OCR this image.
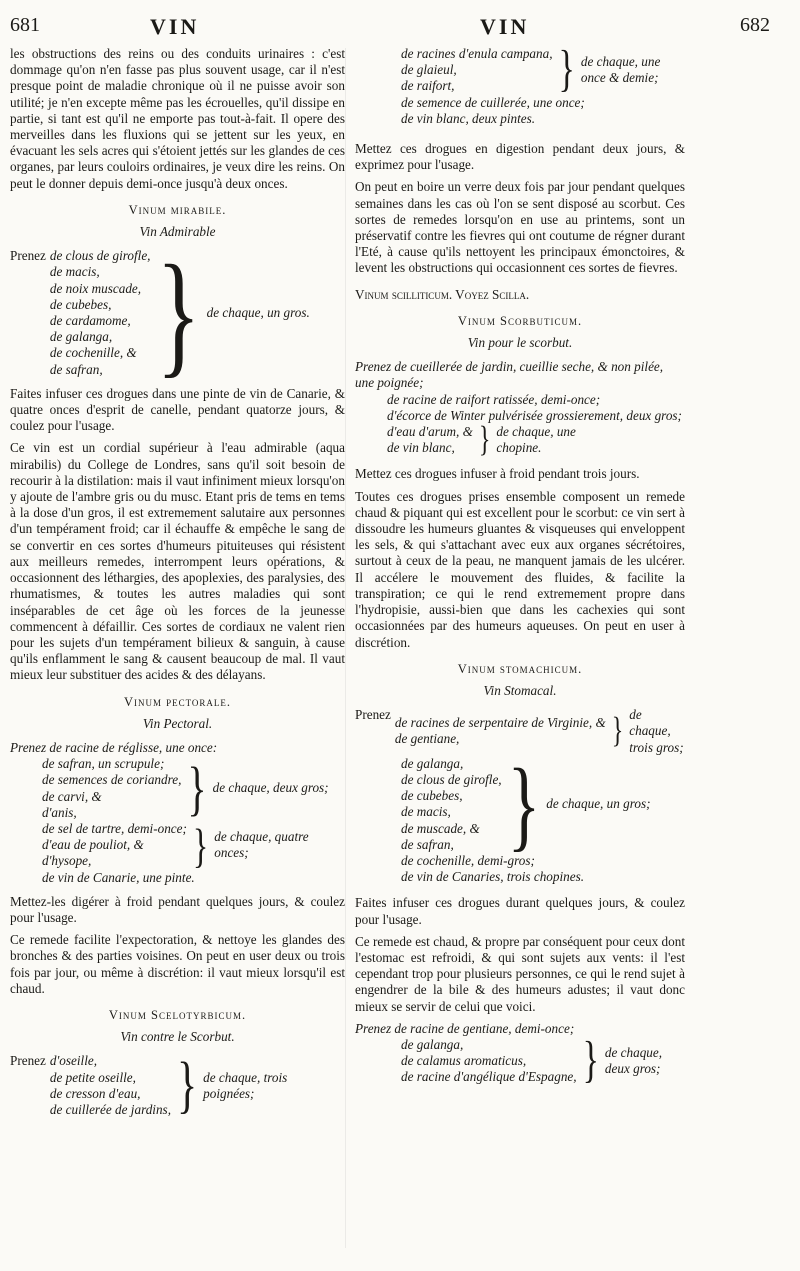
681	VIN	VIN	682

les obstructions des reins ou des conduits urinaires : c'est dommage qu'on n'en fasse pas plus souvent usage, car il n'est presque point de maladie chronique où il ne puisse avoir son utilité; je n'en excepte même pas les écrouelles, qu'il dissipe en partie, si tant est qu'il ne emporte pas tout-à-fait. Il opere des merveilles dans les fluxions qui se jettent sur les yeux, en évacuant les sels acres qui s'étoient jettés sur les glandes de ces organes, par leurs couloirs ordinaires, je veux dire les reins. On peut le donner depuis demi-once jusqu'à deux onces.

Vinum mirabile.
Vin Admirable
Prenez de clous de girofle,
de macis,
de noix muscade,
de cubebes,
de cardamome,
de galanga,
de cochenille, &
de safran, } de chaque, un gros.

Faites infuser ces drogues dans une pinte de vin de Canarie, & quatre onces d'esprit de canelle, pendant quatorze jours, & coulez pour l'usage.

Ce vin est un cordial supérieur à l'eau admirable (aqua mirabilis) du College de Londres, sans qu'il soit besoin de recourir à la distilation: mais il vaut infiniment mieux lorsqu'on y ajoute de l'ambre gris ou du musc. Etant pris de tems en tems à la dose d'un gros, il est extremement salutaire aux personnes d'un tempérament froid; car il échauffe & empêche le sang de se convertir en ces sortes d'humeurs pituiteuses qui résistent aux meilleurs remedes, interrompent leurs opérations, & occasionnent des léthargies, des apoplexies, des paralysies, des rhumatismes, & toutes les autres maladies qui sont inséparables de cet âge où les forces de la jeunesse commencent à défaillir. Ces sortes de cordiaux ne valent rien pour les sujets d'un tempérament bilieux & sanguin, à cause qu'ils enflamment le sang & causent beaucoup de mal. Il vaut mieux leur substituer des acides & des délayans.

Vinum pectorale.
Vin Pectoral.
Prenez de racine de réglisse, une once:
de safran, un scrupule;
de semences de coriandre,
de carvi, &
d'anis,	} de chaque, deux gros;
de sel de tartre, demi-once;
d'eau de pouliot, &
d'hysope,	} de chaque, quatre onces;
de vin de Canarie, une pinte.

Mettez-les digérer à froid pendant quelques jours, & coulez pour l'usage.

Ce remede facilite l'expectoration, & nettoye les glandes des bronches & des parties voisines. On peut en user deux ou trois fois par jour, ou même à discrétion: il vaut mieux lorsqu'il est chaud.

Vinum Scelotyrbicum.
Vin contre le Scorbut.
Prenez d'oseille,
de petite oseille,
de cresson d'eau,
de cuillerée de jardins, } de chaque, trois poignées;
de racines d'enula campana,
de glaieul,
de raifort,	} de chaque, une once & demie;
de semence de cuillerée, une once;
de vin blanc, deux pintes.

Mettez ces drogues en digestion pendant deux jours, & exprimez pour l'usage.

On peut en boire un verre deux fois par jour pendant quelques semaines dans les cas où l'on se sent disposé au scorbut. Ces sortes de remedes lorsqu'on en use au printems, sont un préservatif contre les fievres qui ont coutume de régner durant l'Eté, à cause qu'ils nettoyent les principaux émonctoires, & levent les obstructions qui occasionnent ces sortes de fievres.

Vinum scilliticum. Voyez Scilla.

Vinum Scorbuticum.
Vin pour le scorbut.
Prenez de cueillerée de jardin, cueillie seche, & non pilée, une poignée;
de racine de raifort ratissée, demi-once;
d'écorce de Winter pulvérisée grossierement, deux gros;
d'eau d'arum, &
de vin blanc,	} de chaque, une chopine.

Mettez ces drogues infuser à froid pendant trois jours.

Toutes ces drogues prises ensemble composent un remede chaud & piquant qui est excellent pour le scorbut: ce vin sert à dissoudre les humeurs gluantes & visqueuses qui enveloppent les sels, & qui s'attachant avec eux aux organes sécrétoires, surtout à ceux de la peau, ne manquent jamais de les ulcérer. Il accélere le mouvement des fluides, & facilite la transpiration; ce qui le rend extremement propre dans l'hydropisie, aussi-bien que dans les cachexies qui sont occasionnées par des humeurs aqueuses. On peut en user à discrétion.

Vinum stomachicum.
Vin Stomacal.
Prenez
de racines de serpentaire de Virginie, &
de gentiane,	} de chaque, trois gros;
de galanga,
de clous de girofle,
de cubebes,
de macis,
de muscade, &
de safran, } de chaque, un gros;
de cochenille, demi-gros;
de vin de Canaries, trois chopines.

Faites infuser ces drogues durant quelques jours, & coulez pour l'usage.

Ce remede est chaud, & propre par conséquent pour ceux dont l'estomac est refroidi, & qui sont sujets aux vents: il l'est cependant trop pour plusieurs personnes, ce qui le rend sujet à engendrer de la bile & des humeurs adustes; il vaut donc mieux se servir de celui que voici.

Prenez de racine de gentiane, demi-once;
de galanga,
de calamus aromaticus,
de racine d'angélique d'Espagne, } de chaque, deux gros;
